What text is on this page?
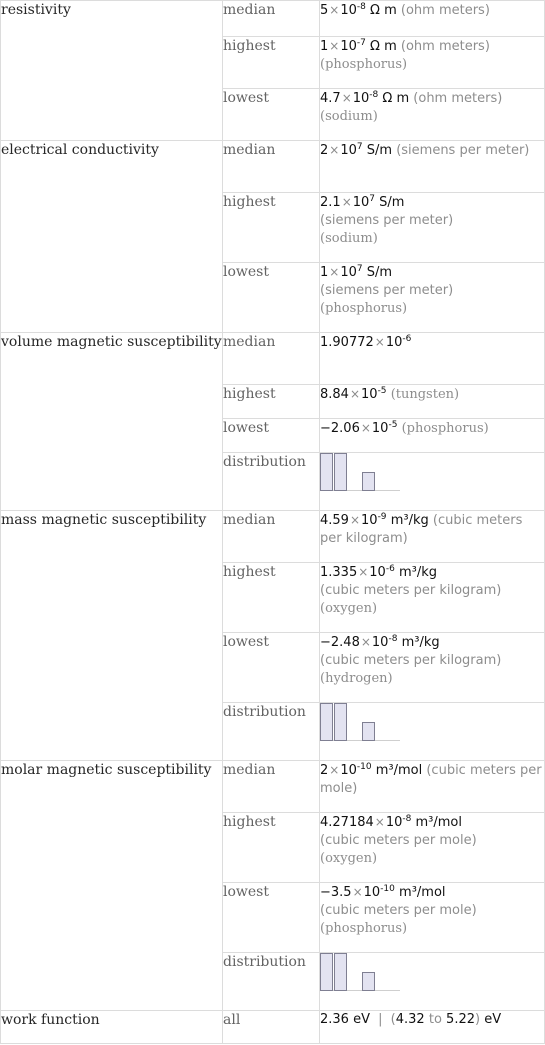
resistivity	median	$5\times 10^{-8}$ Ω m (ohm meters)
	highest	$1\times 10^{-7}$ Ω m (ohm meters) (phosphorus)
	lowest	$4.7\times 10^{-8}$ Ω m (ohm meters) (sodium)
electrical conductivity	median	$2\times 10^7$ S/m (siemens per meter)
	highest	$2.1\times 10^7$ S/m
(siemens per meter)
(sodium)
	lowest	$1\times 10^7$ S/m
(siemens per meter)
(phosphorus)
volume magnetic susceptibility	median	$1.90772\times 10^{-6}$
	highest	$8.84\times 10^{-5}$ (tungsten)
	lowest	$-2.06\times 10^{-5}$ (phosphorus)
	distribution	

mass magnetic susceptibility	median	$4.59\times 10^{-9}$ m³/kg (cubic meters per kilogram)
	highest	$1.335\times 10^{-6}$ m³/kg
(cubic meters per kilogram)
(oxygen)
	lowest	$-2.48\times 10^{-8}$ m³/kg
(cubic meters per kilogram)
(hydrogen)
	distribution	

molar magnetic susceptibility	median	$2\times 10^{-10}$ m³/mol (cubic meters per mole)
	highest	$4.27184\times 10^{-8}$ m³/mol
(cubic meters per mole)
(oxygen)
	lowest	$-3.5\times 10^{-10}$ m³/mol
(cubic meters per mole)
(phosphorus)
	distribution	

work function	all	2.36 eV | (4.32 to 5.22) eV
